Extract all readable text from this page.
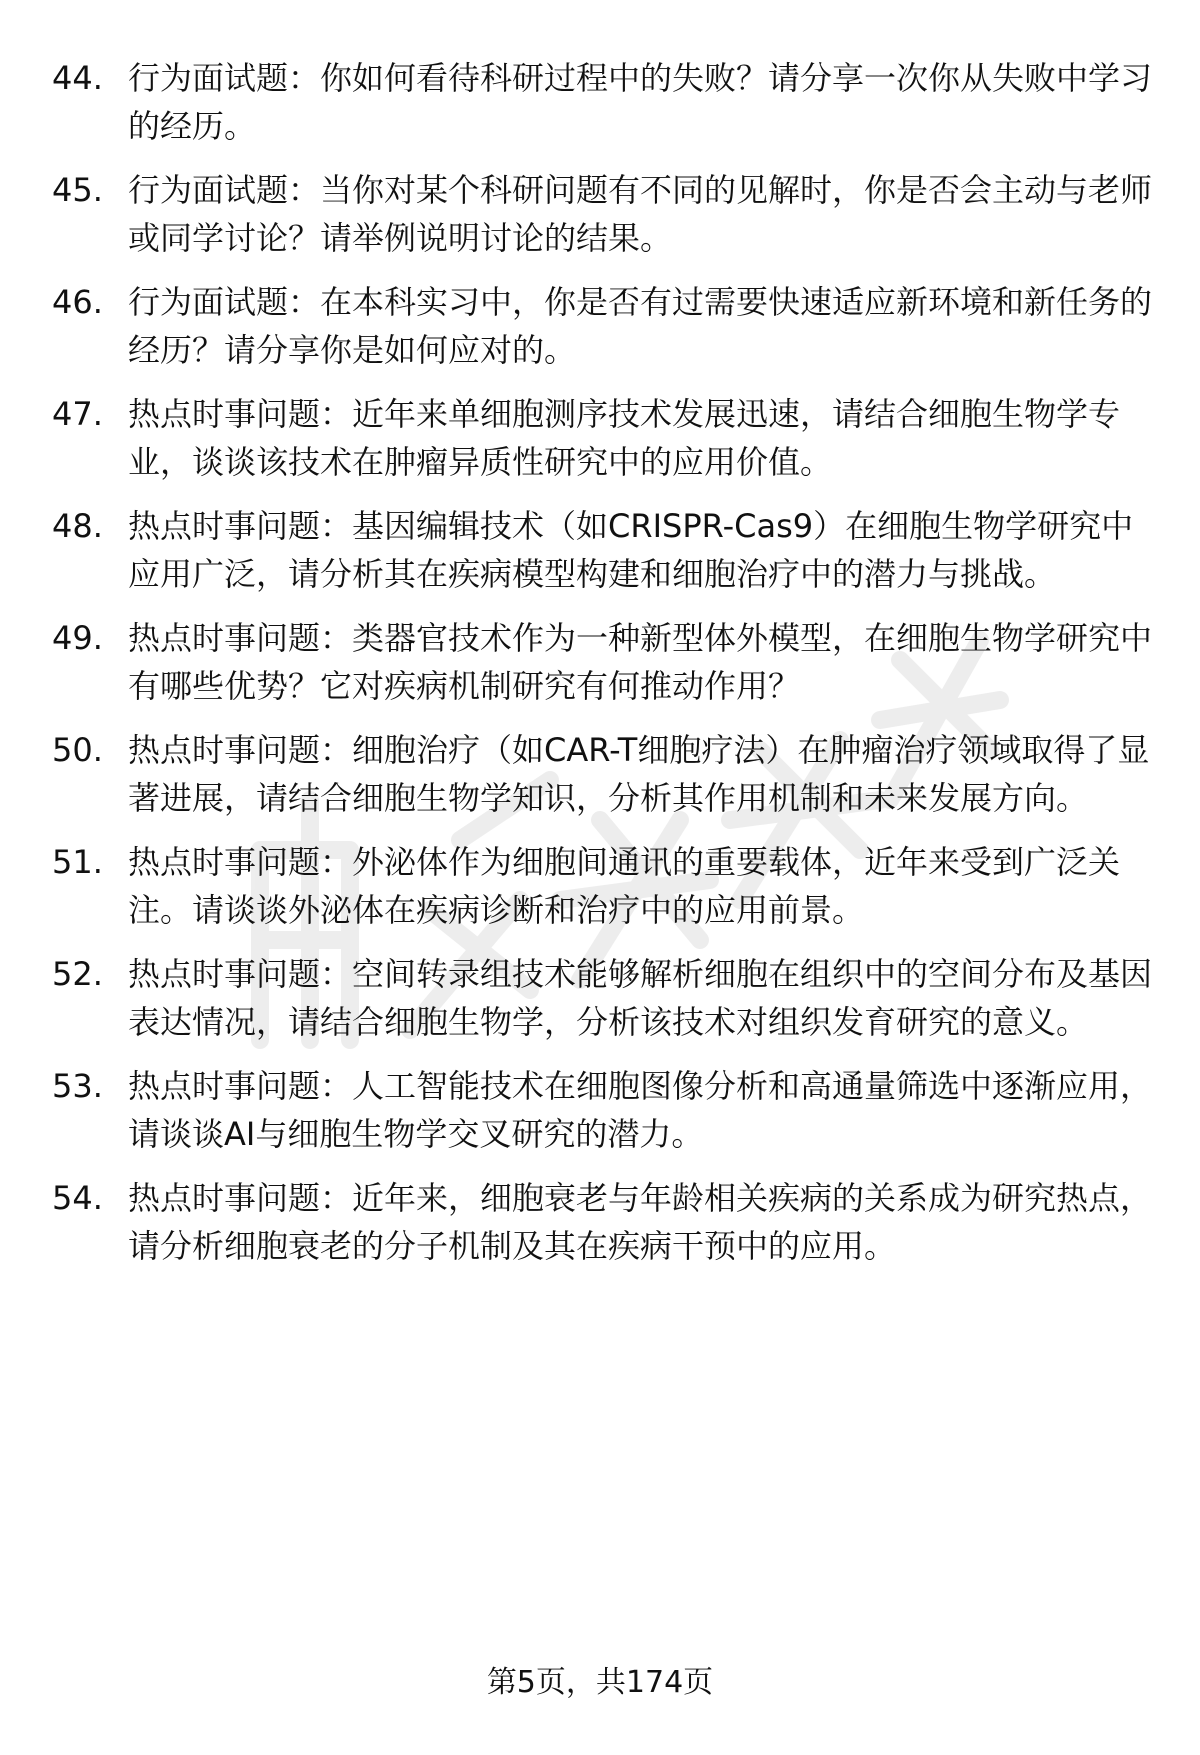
44. 行为面试题：你如何看待科研过程中的失败？请分享一次你从失败中学习的经历。
45. 行为面试题：当你对某个科研问题有不同的见解时，你是否会主动与老师或同学讨论？请举例说明讨论的结果。
46. 行为面试题：在本科实习中，你是否有过需要快速适应新环境和新任务的经历？请分享你是如何应对的。
47. 热点时事问题：近年来单细胞测序技术发展迅速，请结合细胞生物学专业，谈谈该技术在肿瘤异质性研究中的应用价值。
48. 热点时事问题：基因编辑技术（如CRISPR-Cas9）在细胞生物学研究中应用广泛，请分析其在疾病模型构建和细胞治疗中的潜力与挑战。
49. 热点时事问题：类器官技术作为一种新型体外模型，在细胞生物学研究中有哪些优势？它对疾病机制研究有何推动作用？
50. 热点时事问题：细胞治疗（如CAR-T细胞疗法）在肿瘤治疗领域取得了显著进展，请结合细胞生物学知识，分析其作用机制和未来发展方向。
51. 热点时事问题：外泌体作为细胞间通讯的重要载体，近年来受到广泛关注。请谈谈外泌体在疾病诊断和治疗中的应用前景。
52. 热点时事问题：空间转录组技术能够解析细胞在组织中的空间分布及基因表达情况，请结合细胞生物学，分析该技术对组织发育研究的意义。
53. 热点时事问题：人工智能技术在细胞图像分析和高通量筛选中逐渐应用，请谈谈AI与细胞生物学交叉研究的潜力。
54. 热点时事问题：近年来，细胞衰老与年龄相关疾病的关系成为研究热点，请分析细胞衰老的分子机制及其在疾病干预中的应用。
第5页，共174页
